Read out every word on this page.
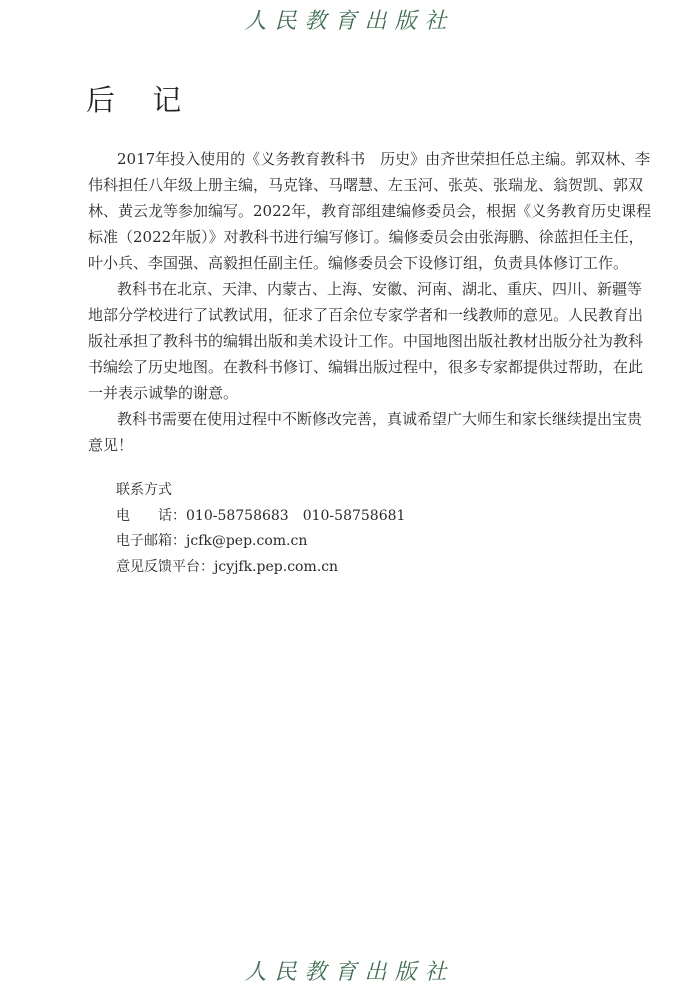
人民教育出版社
后 记
2017年投入使用的《义务教育教科书　历史》由齐世荣担任总主编。郭双林、李
伟科担任八年级上册主编，马克锋、马曙慧、左玉河、张英、张瑞龙、翁贺凯、郭双
林、黄云龙等参加编写。2022年，教育部组建编修委员会，根据《义务教育历史课程
标准（2022年版）》对教科书进行编写修订。编修委员会由张海鹏、徐蓝担任主任，
叶小兵、李国强、高毅担任副主任。编修委员会下设修订组，负责具体修订工作。
教科书在北京、天津、内蒙古、上海、安徽、河南、湖北、重庆、四川、新疆等
地部分学校进行了试教试用，征求了百余位专家学者和一线教师的意见。人民教育出
版社承担了教科书的编辑出版和美术设计工作。中国地图出版社教材出版分社为教科
书编绘了历史地图。在教科书修订、编辑出版过程中，很多专家都提供过帮助，在此
一并表示诚挚的谢意。
教科书需要在使用过程中不断修改完善，真诚希望广大师生和家长继续提出宝贵
意见！
联系方式
电　　话：010-58758683　010-58758681
电子邮箱：jcfk@pep.com.cn
意见反馈平台：jcyjfk.pep.com.cn
人民教育出版社
